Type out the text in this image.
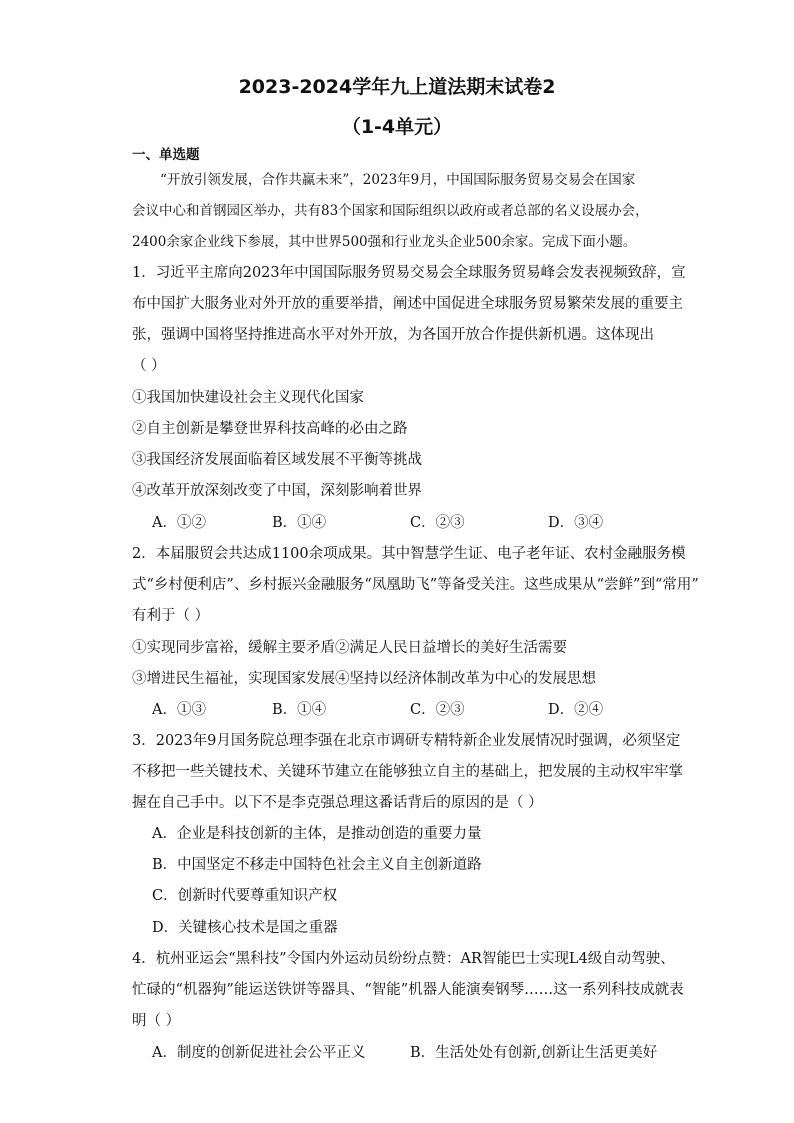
2023-2024学年九上道法期末试卷2
（1-4单元）
一、单选题
“开放引领发展，合作共赢未来”，2023年9月，中国国际服务贸易交易会在国家
会议中心和首钢园区举办，共有83个国家和国际组织以政府或者总部的名义设展办会，
2400余家企业线下参展，其中世界500强和行业龙头企业500余家。完成下面小题。
1．习近平主席向2023年中国国际服务贸易交易会全球服务贸易峰会发表视频致辞，宣
布中国扩大服务业对外开放的重要举措，阐述中国促进全球服务贸易繁荣发展的重要主
张，强调中国将坚持推进高水平对外开放，为各国开放合作提供新机遇。这体现出
（ ）
①我国加快建设社会主义现代化国家
②自主创新是攀登世界科技高峰的必由之路
③我国经济发展面临着区域发展不平衡等挑战
④改革开放深刻改变了中国，深刻影响着世界
A．①②	B．①④	C．②③	D．③④
2．本届服贸会共达成1100余项成果。其中智慧学生证、电子老年证、农村金融服务模
式“乡村便利店”、乡村振兴金融服务“凤凰助飞”等备受关注。这些成果从“尝鲜”到“常用”
有利于（ ）
①实现同步富裕，缓解主要矛盾②满足人民日益增长的美好生活需要
③增进民生福祉，实现国家发展④坚持以经济体制改革为中心的发展思想
A．①③	B．①④	C．②③	D．②④
3．2023年9月国务院总理李强在北京市调研专精特新企业发展情况时强调，必须坚定
不移把一些关键技术、关键环节建立在能够独立自主的基础上，把发展的主动权牢牢掌
握在自己手中。以下不是李克强总理这番话背后的原因的是（ ）
A．企业是科技创新的主体，是推动创造的重要力量
B．中国坚定不移走中国特色社会主义自主创新道路
C．创新时代要尊重知识产权
D．关键核心技术是国之重器
4．杭州亚运会“黑科技”令国内外运动员纷纷点赞：AR智能巴士实现L4级自动驾驶、
忙碌的“机器狗”能运送铁饼等器具、“智能”机器人能演奏钢琴……这一系列科技成就表
明（ ）
A．制度的创新促进社会公平正义	B．生活处处有创新,创新让生活更美好
